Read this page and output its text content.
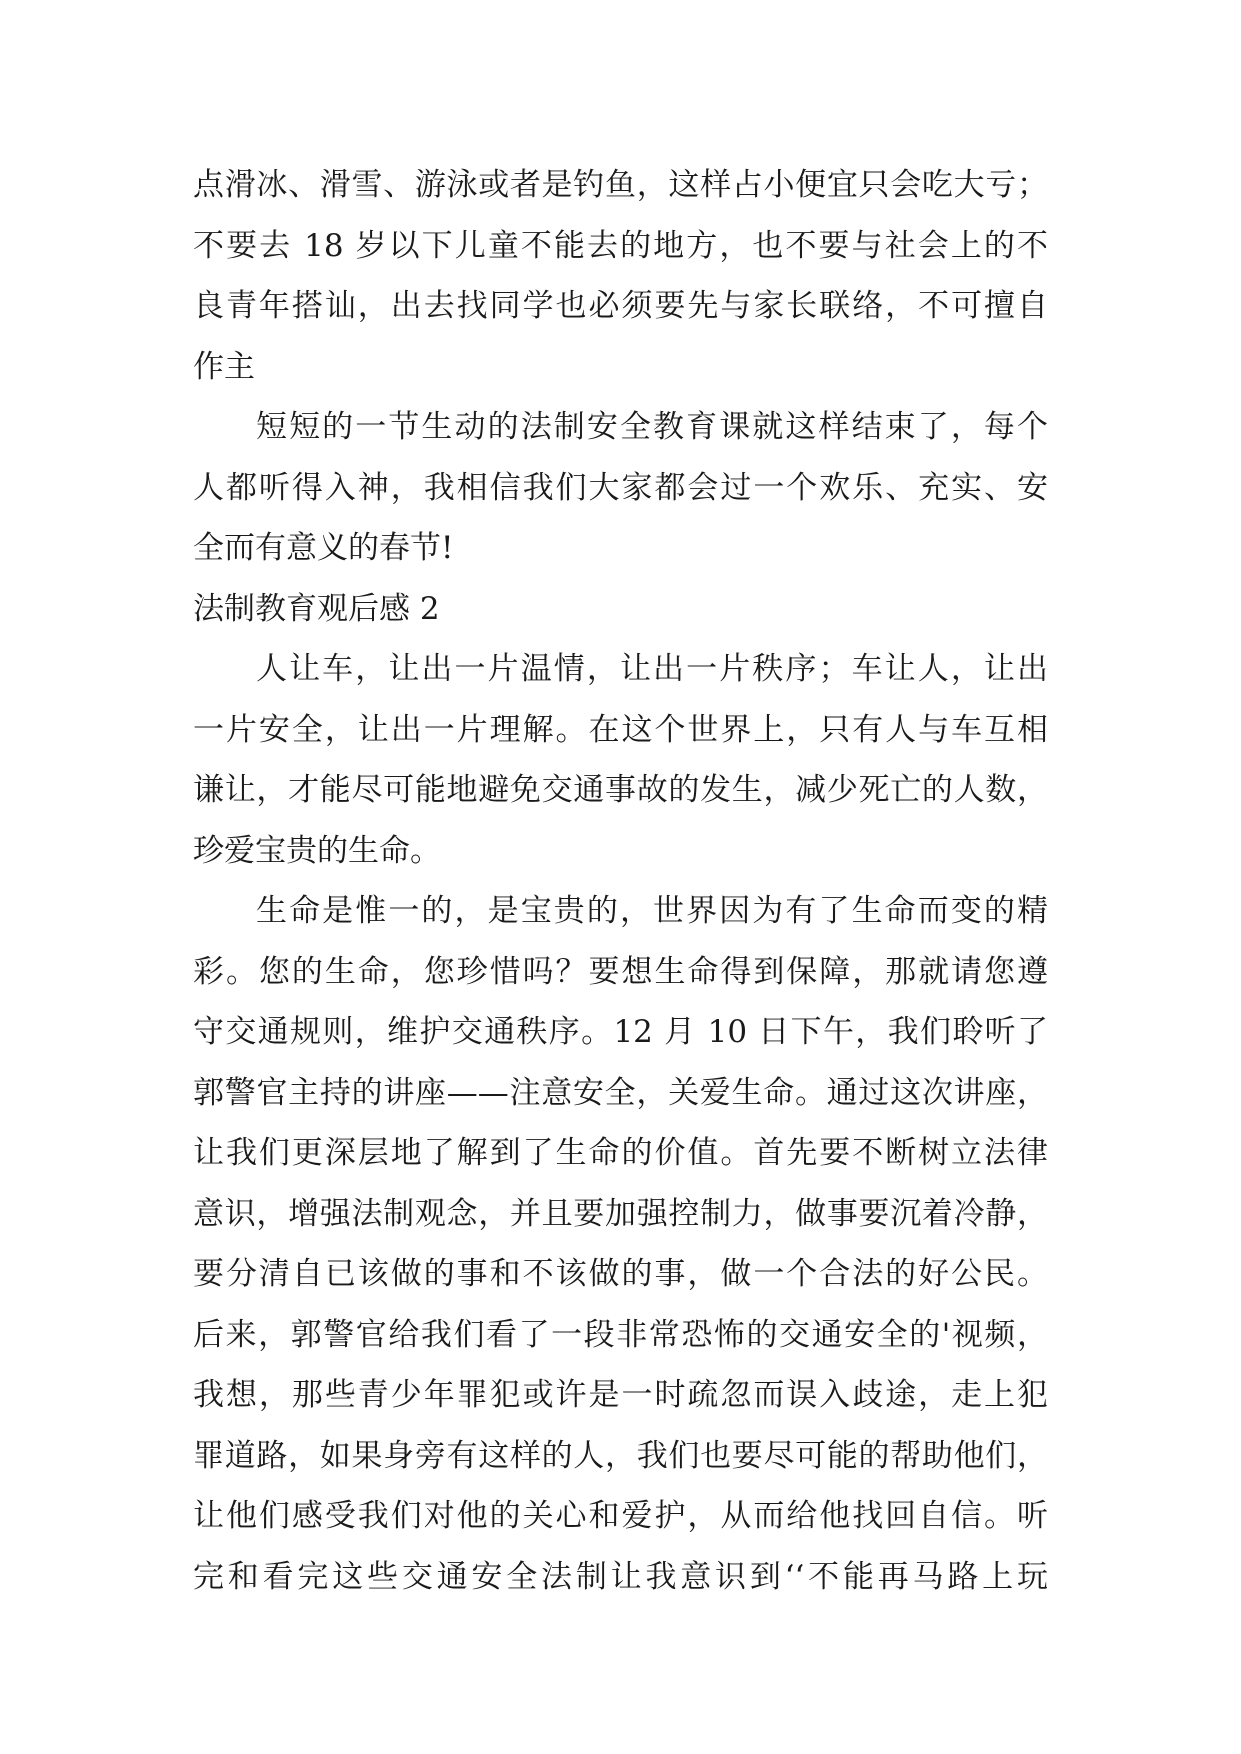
点滑冰、滑雪、游泳或者是钓鱼，这样占小便宜只会吃大亏；
不要去 18 岁以下儿童不能去的地方，也不要与社会上的不
良青年搭讪，出去找同学也必须要先与家长联络，不可擅自
作主
短短的一节生动的法制安全教育课就这样结束了，每个
人都听得入神，我相信我们大家都会过一个欢乐、充实、安
全而有意义的春节!
法制教育观后感 2
人让车，让出一片温情，让出一片秩序；车让人，让出
一片安全，让出一片理解。在这个世界上，只有人与车互相
谦让，才能尽可能地避免交通事故的发生，减少死亡的人数，
珍爱宝贵的生命。
生命是惟一的，是宝贵的，世界因为有了生命而变的精
彩。您的生命，您珍惜吗？要想生命得到保障，那就请您遵
守交通规则，维护交通秩序。12 月 10 日下午，我们聆听了
郭警官主持的讲座——注意安全，关爱生命。通过这次讲座，
让我们更深层地了解到了生命的价值。首先要不断树立法律
意识，增强法制观念，并且要加强控制力，做事要沉着冷静，
要分清自已该做的事和不该做的事，做一个合法的好公民。
后来，郭警官给我们看了一段非常恐怖的交通安全的'视频，
我想，那些青少年罪犯或许是一时疏忽而误入歧途，走上犯
罪道路，如果身旁有这样的人，我们也要尽可能的帮助他们，
让他们感受我们对他的关心和爱护，从而给他找回自信。听
完和看完这些交通安全法制让我意识到‘‘不能再马路上玩
